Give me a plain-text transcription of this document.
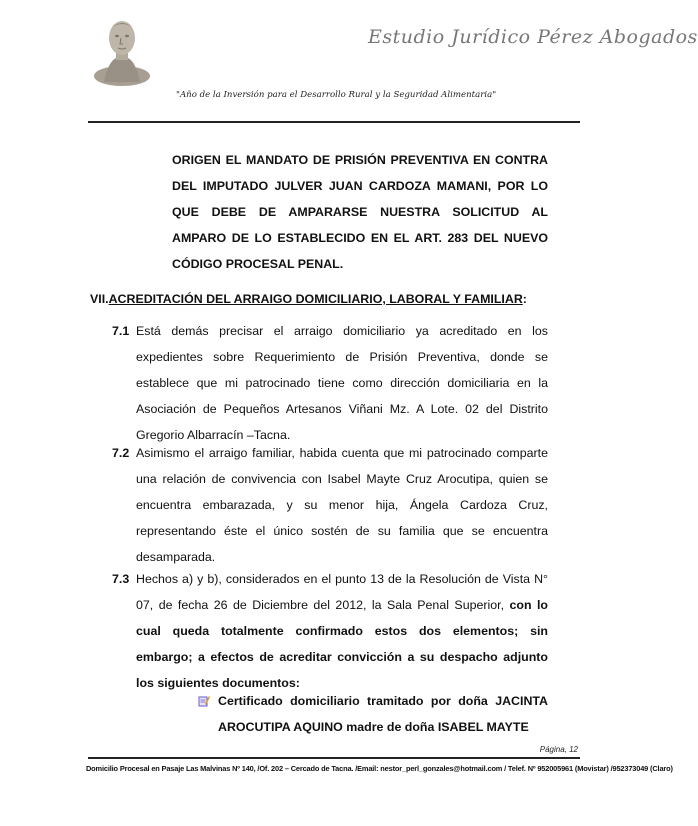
Estudio Jurídico Pérez Abogados
"Año de la Inversión para el Desarrollo Rural y la Seguridad Alimentaria"
ORIGEN EL MANDATO DE PRISIÓN PREVENTIVA EN CONTRA DEL IMPUTADO JULVER JUAN CARDOZA MAMANI, POR LO QUE DEBE DE AMPARARSE NUESTRA SOLICITUD AL AMPARO DE LO ESTABLECIDO EN EL ART. 283 DEL NUEVO CÓDIGO PROCESAL PENAL.
VII.ACREDITACIÓN DEL ARRAIGO DOMICILIARIO, LABORAL Y FAMILIAR:
7.1 Está demás precisar el arraigo domiciliario ya acreditado en los expedientes sobre Requerimiento de Prisión Preventiva, donde se establece que mi patrocinado tiene como dirección domiciliaria en la Asociación de Pequeños Artesanos Viñani Mz. A Lote. 02 del Distrito Gregorio Albarracín –Tacna.
7.2 Asimismo el arraigo familiar, habida cuenta que mi patrocinado comparte una relación de convivencia con Isabel Mayte Cruz Arocutipa, quien se encuentra embarazada, y su menor hija, Ángela Cardoza Cruz, representando éste el único sostén de su familia que se encuentra desamparada.
7.3 Hechos a) y b), considerados en el punto 13 de la Resolución de Vista N° 07, de fecha 26 de Diciembre del 2012, la Sala Penal Superior, con lo cual queda totalmente confirmado estos dos elementos; sin embargo; a efectos de acreditar convicción a su despacho adjunto los siguientes documentos:
Certificado domiciliario tramitado por doña JACINTA AROCUTIPA AQUINO madre de doña ISABEL MAYTE
Página, 12
Domicilio Procesal en Pasaje Las Malvinas Nº 140, /Of. 202 – Cercado de Tacna. /Email: nestor_perl_gonzales@hotmail.com / Telef. Nº 952005961 (Movistar) /952373049 (Claro)
